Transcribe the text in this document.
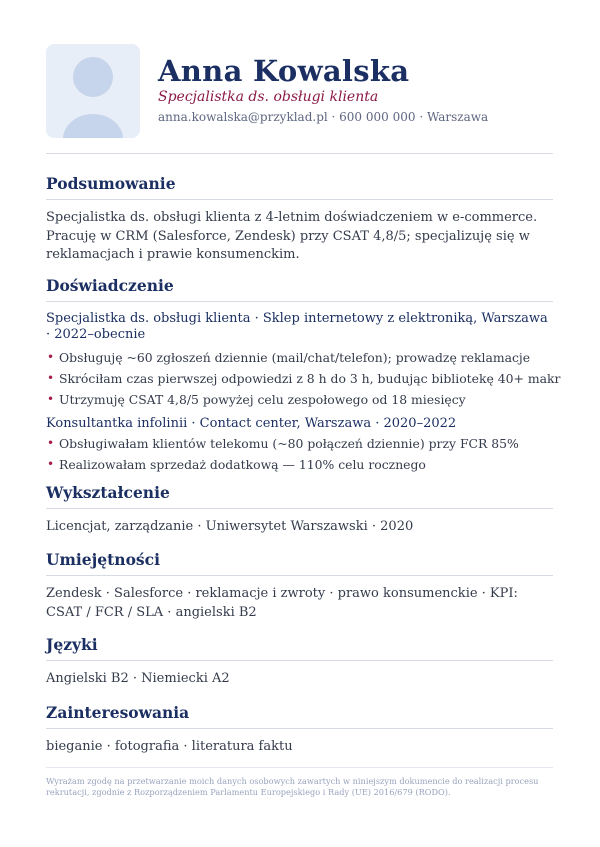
Anna Kowalska
Specjalistka ds. obsługi klienta
anna.kowalska@przyklad.pl · 600 000 000 · Warszawa
Podsumowanie

Specjalistka ds. obsługi klienta z 4-letnim doświadczeniem w e-commerce. Pracuję w CRM (Salesforce, Zendesk) przy CSAT 4,8/5; specjalizuję się w reklamacjach i prawie konsumenckim.

Doświadczenie
Specjalistka ds. obsługi klienta · Sklep internetowy z elektroniką, Warszawa · 2022–obecnie
• Obsługuję ~60 zgłoszeń dziennie (mail/chat/telefon); prowadzę reklamacje
• Skróciłam czas pierwszej odpowiedzi z 8 h do 3 h, budując bibliotekę 40+ makr
• Utrzymuję CSAT 4,8/5 powyżej celu zespołowego od 18 miesięcy
Konsultantka infolinii · Contact center, Warszawa · 2020–2022
• Obsługiwałam klientów telekomu (~80 połączeń dziennie) przy FCR 85%
• Realizowałam sprzedaż dodatkową — 110% celu rocznego
Wykształcenie

Licencjat, zarządzanie · Uniwersytet Warszawski · 2020

Umiejętności

Zendesk · Salesforce · reklamacje i zwroty · prawo konsumenckie · KPI: CSAT / FCR / SLA · angielski B2

Języki

Angielski B2 · Niemiecki A2

Zainteresowania

bieganie · fotografia · literatura faktu

Wyrażam zgodę na przetwarzanie moich danych osobowych zawartych w niniejszym dokumencie do realizacji procesu rekrutacji, zgodnie z Rozporządzeniem Parlamentu Europejskiego i Rady (UE) 2016/679 (RODO).
